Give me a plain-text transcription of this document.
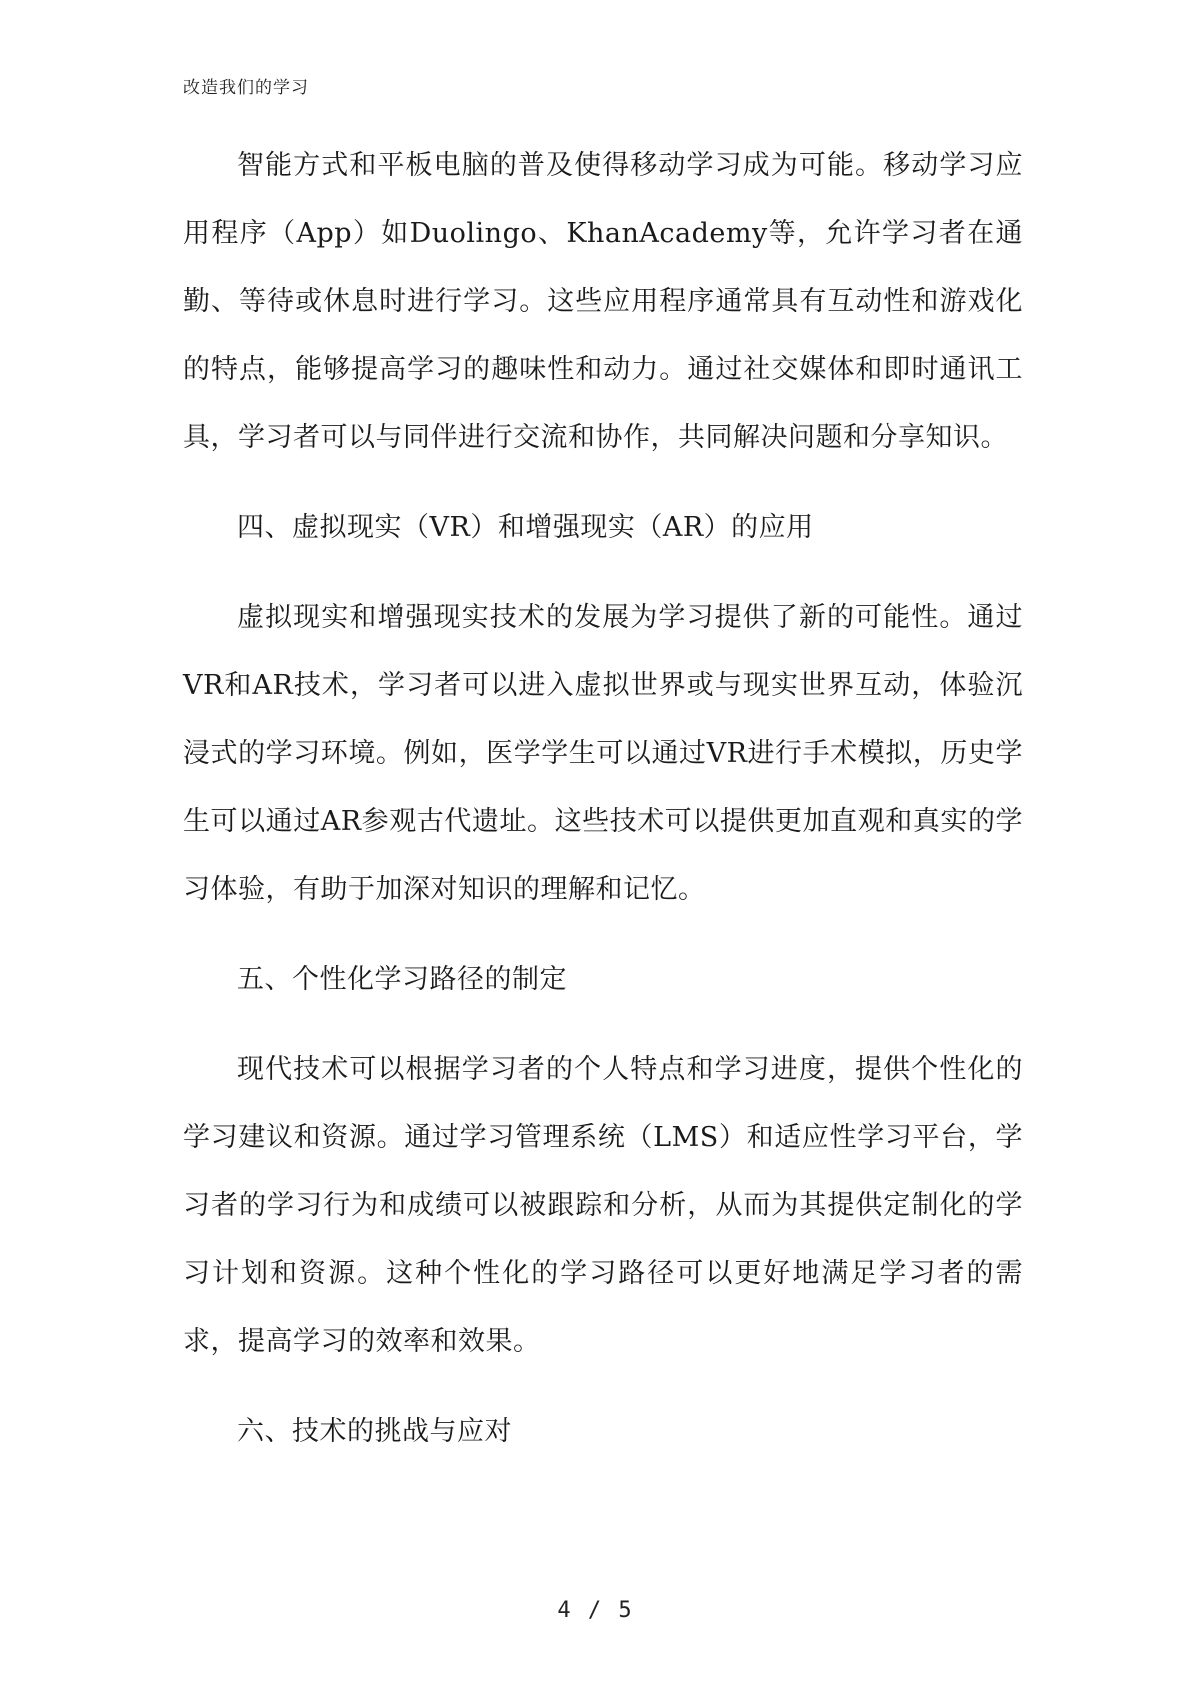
改造我们的学习

智能方式和平板电脑的普及使得移动学习成为可能。移动学习应用程序（App）如Duolingo、KhanAcademy等，允许学习者在通勤、等待或休息时进行学习。这些应用程序通常具有互动性和游戏化的特点，能够提高学习的趣味性和动力。通过社交媒体和即时通讯工具，学习者可以与同伴进行交流和协作，共同解决问题和分享知识。

四、虚拟现实（VR）和增强现实（AR）的应用

虚拟现实和增强现实技术的发展为学习提供了新的可能性。通过VR和AR技术，学习者可以进入虚拟世界或与现实世界互动，体验沉浸式的学习环境。例如，医学学生可以通过VR进行手术模拟，历史学生可以通过AR参观古代遗址。这些技术可以提供更加直观和真实的学习体验，有助于加深对知识的理解和记忆。

五、个性化学习路径的制定

现代技术可以根据学习者的个人特点和学习进度，提供个性化的学习建议和资源。通过学习管理系统（LMS）和适应性学习平台，学习者的学习行为和成绩可以被跟踪和分析，从而为其提供定制化的学习计划和资源。这种个性化的学习路径可以更好地满足学习者的需求，提高学习的效率和效果。

六、技术的挑战与应对

4 / 5
